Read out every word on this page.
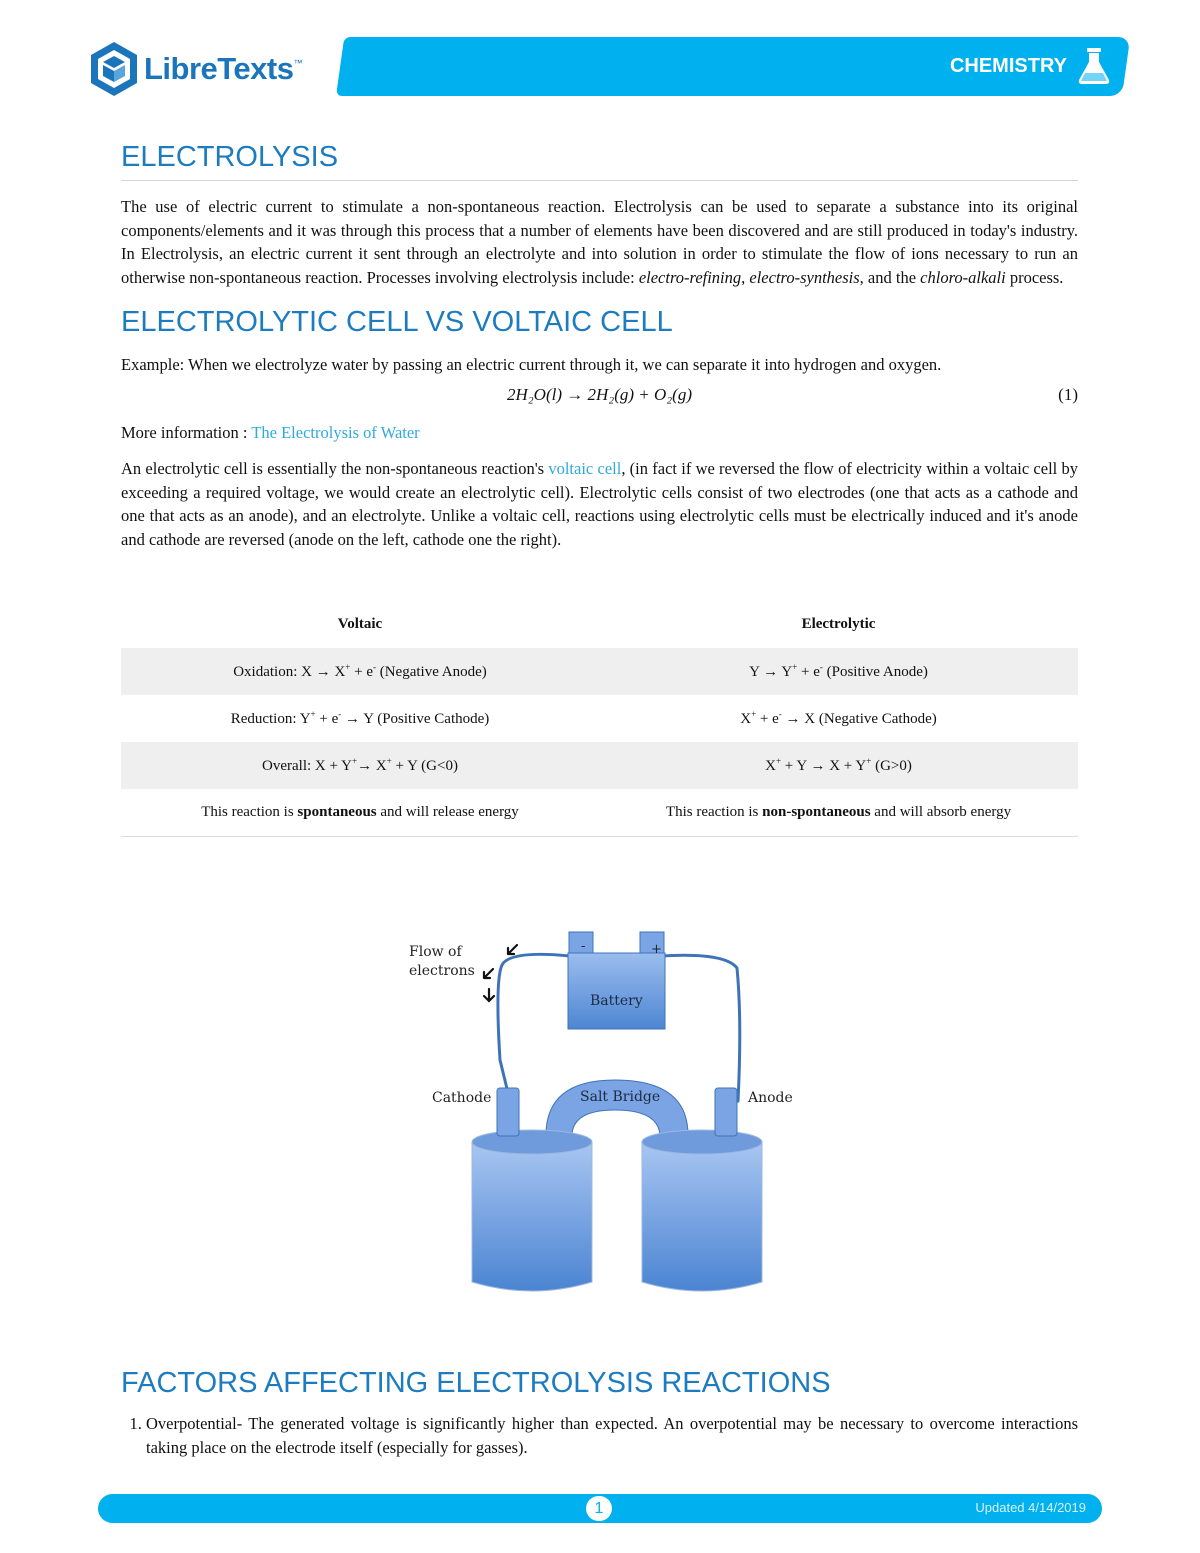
LibreTexts ™	CHEMISTRY
ELECTROLYSIS

The use of electric current to stimulate a non-spontaneous reaction. Electrolysis can be used to separate a substance into its original components/elements and it was through this process that a number of elements have been discovered and are still produced in today's industry. In Electrolysis, an electric current it sent through an electrolyte and into solution in order to stimulate the flow of ions necessary to run an otherwise non-spontaneous reaction. Processes involving electrolysis include: electro-refining, electro-synthesis, and the chloro-alkali process.

ELECTROLYTIC CELL VS VOLTAIC CELL

Example: When we electrolyze water by passing an electric current through it, we can separate it into hydrogen and oxygen.

2H₂O(l) → 2H₂(g) + O₂(g)	(1)

More information : The Electrolysis of Water

An electrolytic cell is essentially the non-spontaneous reaction's voltaic cell, (in fact if we reversed the flow of electricity within a voltaic cell by exceeding a required voltage, we would create an electrolytic cell). Electrolytic cells consist of two electrodes (one that acts as a cathode and one that acts as an anode), and an electrolyte. Unlike a voltaic cell, reactions using electrolytic cells must be electrically induced and it's anode and cathode are reversed (anode on the left, cathode one the right).

Voltaic	Electrolytic
Oxidation: X → X+ + e- (Negative Anode)	Y → Y+ + e- (Positive Anode)
Reduction: Y+ + e- → Y (Positive Cathode)	X+ + e- → X (Negative Cathode)
Overall: X + Y+→ X+ + Y (G<0)	X+ + Y → X + Y+ (G>0)
This reaction is spontaneous and will release energy	This reaction is non-spontaneous and will absorb energy
-	+
Battery
Flow of
electrons
Salt Bridge
Cathode	Anode
FACTORS AFFECTING ELECTROLYSIS REACTIONS
1. Overpotential- The generated voltage is significantly higher than expected. An overpotential may be necessary to overcome interactions taking place on the electrode itself (especially for gasses).
1	Updated 4/14/2019
